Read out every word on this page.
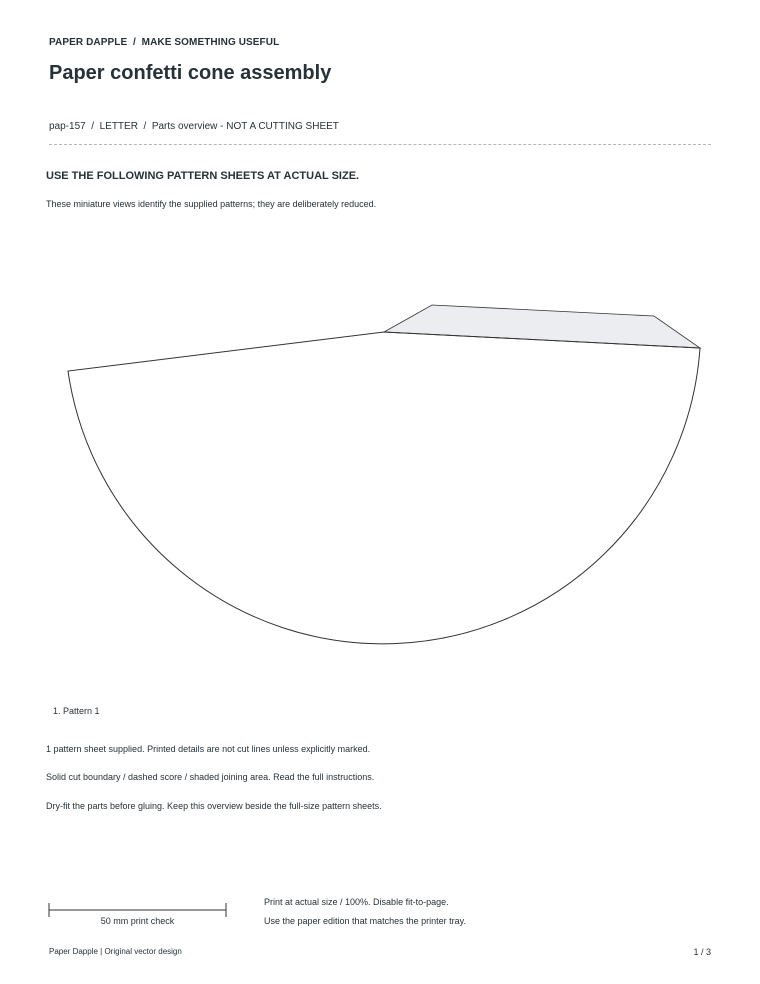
PAPER DAPPLE  /  MAKE SOMETHING USEFUL
Paper confetti cone assembly
pap-157  /  LETTER  /  Parts overview - NOT A CUTTING SHEET
USE THE FOLLOWING PATTERN SHEETS AT ACTUAL SIZE.
These miniature views identify the supplied patterns; they are deliberately reduced.
1. Pattern 1
1 pattern sheet supplied. Printed details are not cut lines unless explicitly marked.
Solid cut boundary / dashed score / shaded joining area. Read the full instructions.
Dry-fit the parts before gluing. Keep this overview beside the full-size pattern sheets.
50 mm print check
Print at actual size / 100%. Disable fit-to-page.
Use the paper edition that matches the printer tray.
Paper Dapple | Original vector design	1 / 3
